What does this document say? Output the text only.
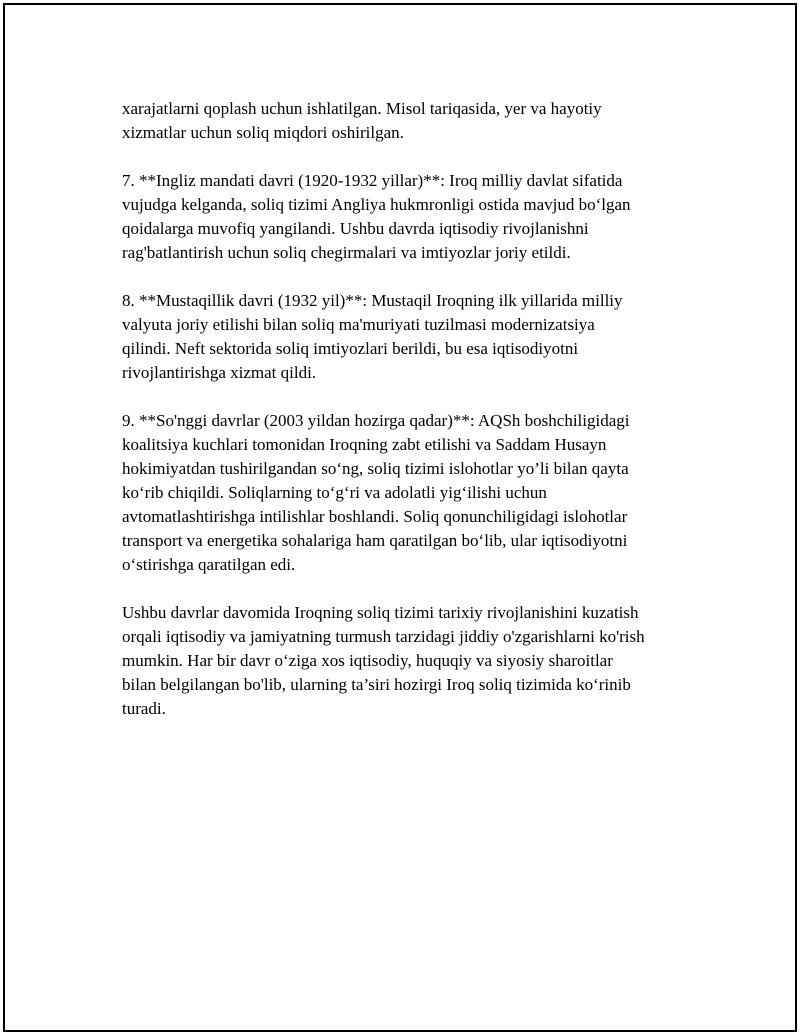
xarajatlarni qoplash uchun ishlatilgan. Misol tariqasida, yer va hayotiy
xizmatlar uchun soliq miqdori oshirilgan.

7. **Ingliz mandati davri (1920-1932 yillar)**: Iroq milliy davlat sifatida
vujudga kelganda, soliq tizimi Angliya hukmronligi ostida mavjud bo‘lgan
qoidalarga muvofiq yangilandi. Ushbu davrda iqtisodiy rivojlanishni
rag'batlantirish uchun soliq chegirmalari va imtiyozlar joriy etildi.

8. **Mustaqillik davri (1932 yil)**: Mustaqil Iroqning ilk yillarida milliy
valyuta joriy etilishi bilan soliq ma'muriyati tuzilmasi modernizatsiya
qilindi. Neft sektorida soliq imtiyozlari berildi, bu esa iqtisodiyotni
rivojlantirishga xizmat qildi.

9. **So'nggi davrlar (2003 yildan hozirga qadar)**: AQSh boshchiligidagi
koalitsiya kuchlari tomonidan Iroqning zabt etilishi va Saddam Husayn
hokimiyatdan tushirilgandan so‘ng, soliq tizimi islohotlar yo’li bilan qayta
ko‘rib chiqildi. Soliqlarning to‘g‘ri va adolatli yig‘ilishi uchun
avtomatlashtirishga intilishlar boshlandi. Soliq qonunchiligidagi islohotlar
transport va energetika sohalariga ham qaratilgan bo‘lib, ular iqtisodiyotni
o‘stirishga qaratilgan edi.

Ushbu davrlar davomida Iroqning soliq tizimi tarixiy rivojlanishini kuzatish
orqali iqtisodiy va jamiyatning turmush tarzidagi jiddiy o'zgarishlarni ko'rish
mumkin. Har bir davr o‘ziga xos iqtisodiy, huquqiy va siyosiy sharoitlar
bilan belgilangan bo'lib, ularning ta’siri hozirgi Iroq soliq tizimida ko‘rinib
turadi.
